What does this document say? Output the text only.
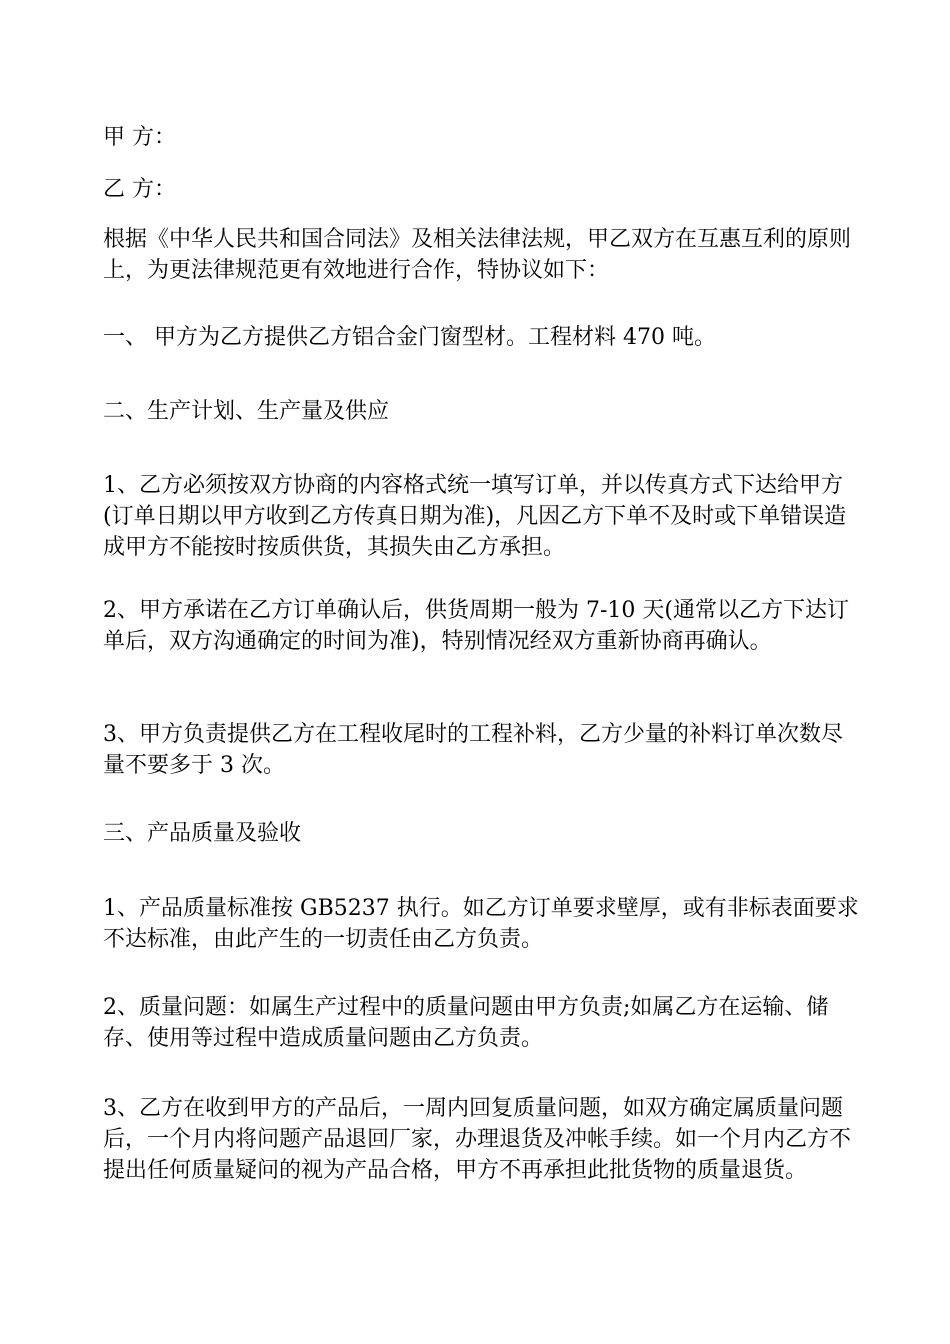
甲 方：

乙 方：

根据《中华人民共和国合同法》及相关法律法规，甲乙双方在互惠互利的原则上，为更法律规范更有效地进行合作，特协议如下：

一、 甲方为乙方提供乙方铝合金门窗型材。工程材料 470 吨。

二、生产计划、生产量及供应

1、乙方必须按双方协商的内容格式统一填写订单，并以传真方式下达给甲方(订单日期以甲方收到乙方传真日期为准)，凡因乙方下单不及时或下单错误造成甲方不能按时按质供货，其损失由乙方承担。

2、甲方承诺在乙方订单确认后，供货周期一般为 7-10 天(通常以乙方下达订单后，双方沟通确定的时间为准)，特别情况经双方重新协商再确认。

3、甲方负责提供乙方在工程收尾时的工程补料，乙方少量的补料订单次数尽量不要多于 3 次。

三、产品质量及验收

1、产品质量标准按 GB5237 执行。如乙方订单要求壁厚，或有非标表面要求不达标准，由此产生的一切责任由乙方负责。

2、质量问题：如属生产过程中的质量问题由甲方负责;如属乙方在运输、储存、使用等过程中造成质量问题由乙方负责。

3、乙方在收到甲方的产品后，一周内回复质量问题，如双方确定属质量问题后，一个月内将问题产品退回厂家，办理退货及冲帐手续。如一个月内乙方不提出任何质量疑问的视为产品合格，甲方不再承担此批货物的质量退货。
